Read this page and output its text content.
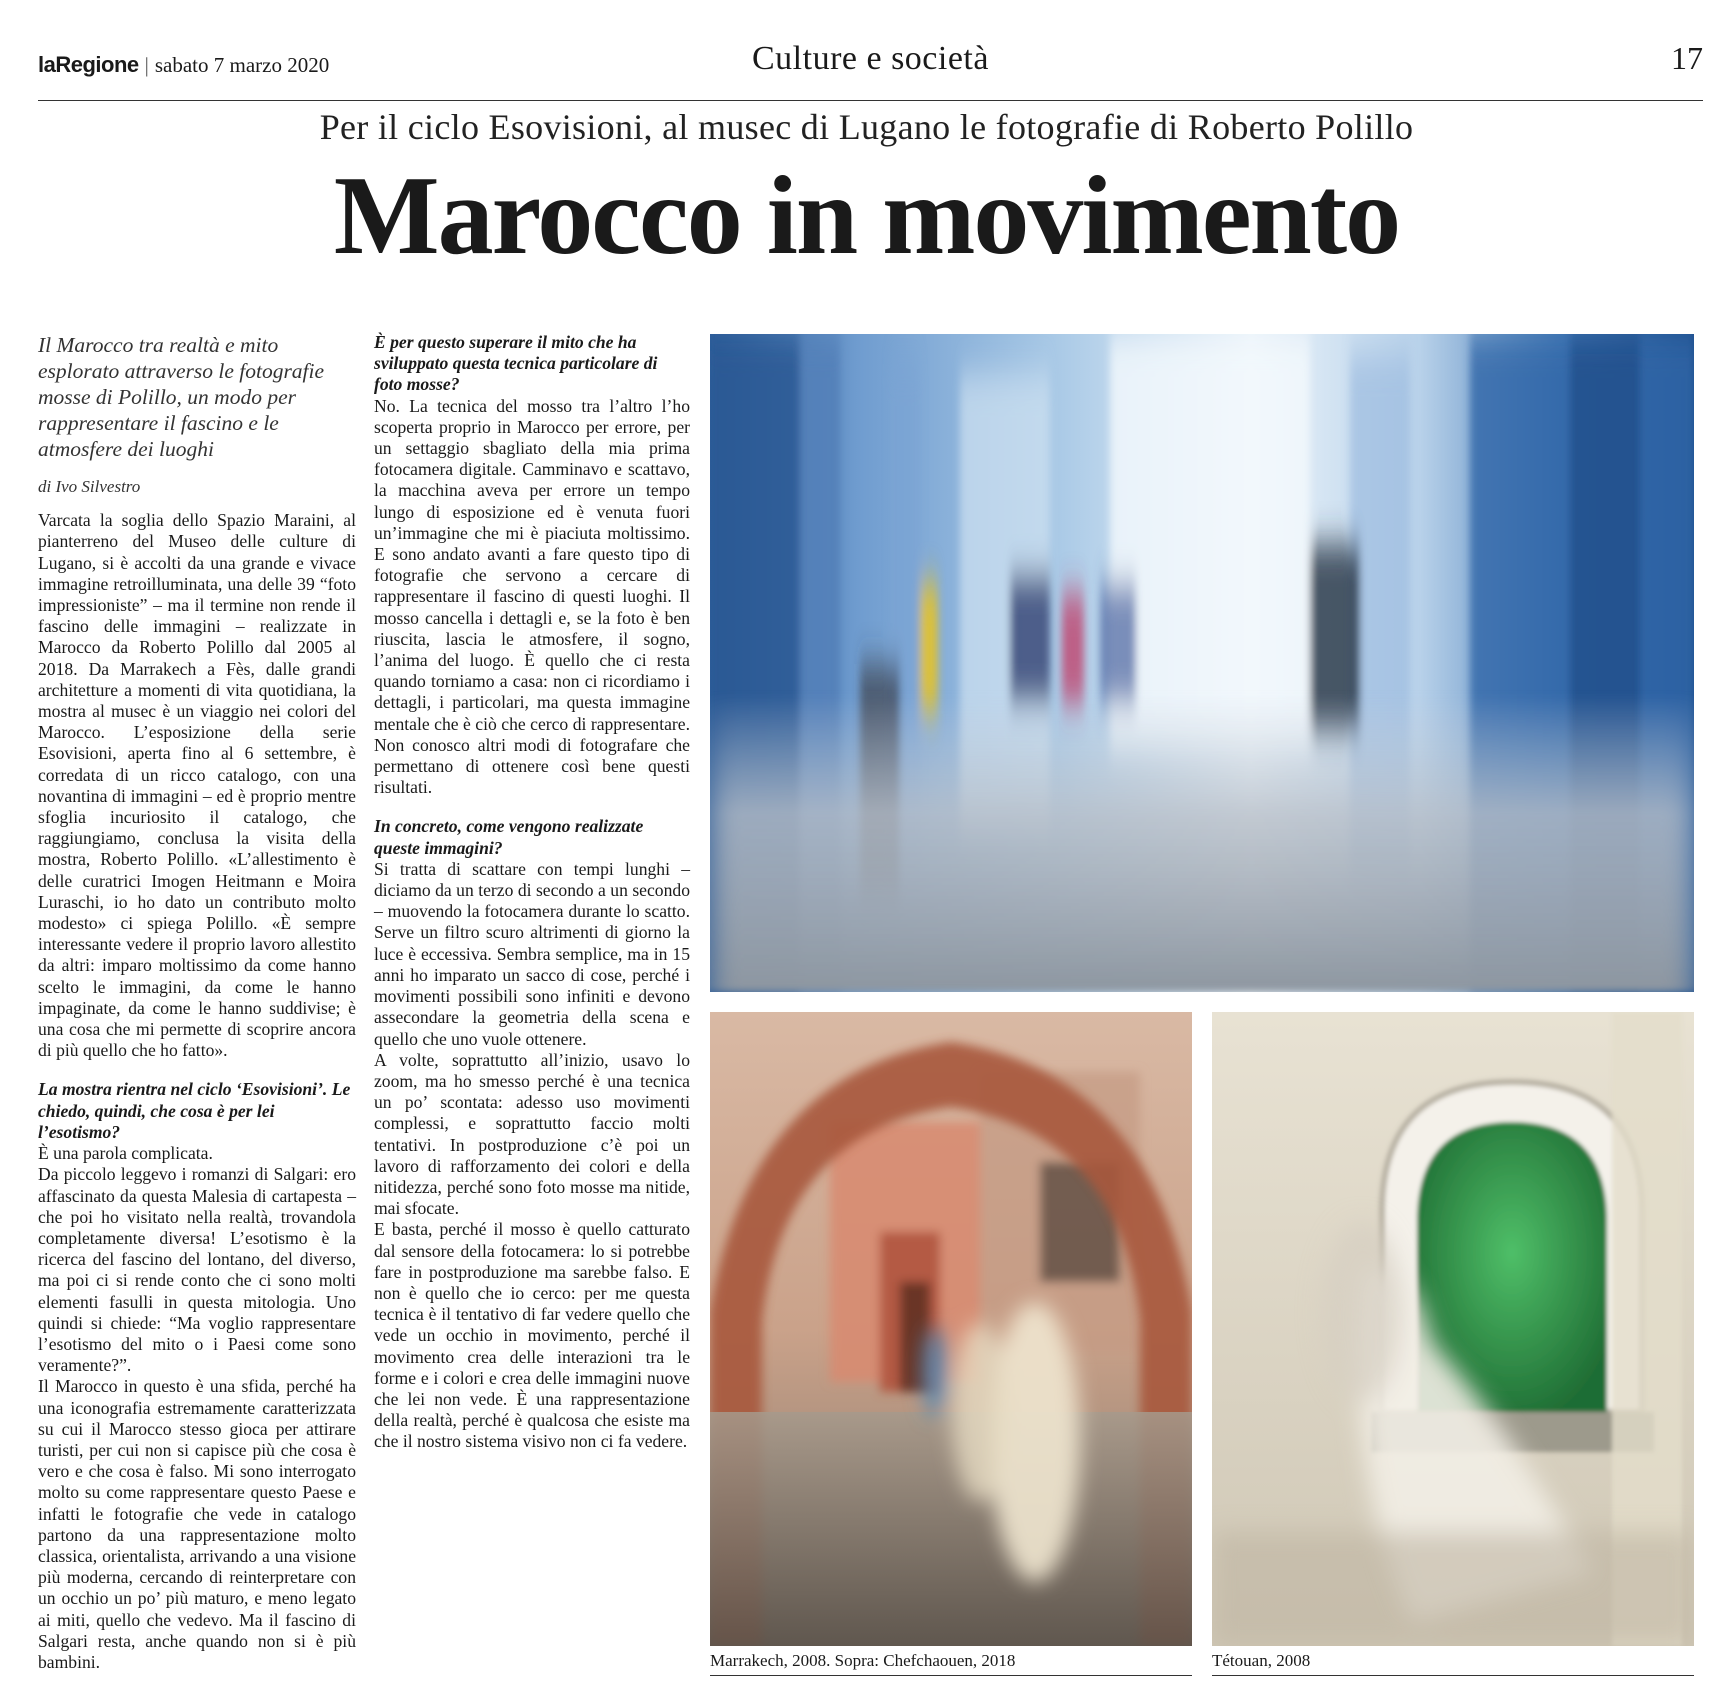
laRegione | sabato 7 marzo 2020	Culture e società	17
Per il ciclo Esovisioni, al musec di Lugano le fotografie di Roberto Polillo
Marocco in movimento

Il Marocco tra realtà e mito esplorato attraverso le fotografie mosse di Polillo, un modo per rappresentare il fascino e le atmosfere dei luoghi

di Ivo Silvestro

Varcata la soglia dello Spazio Maraini, al pianterreno del Museo delle culture di Lugano, si è accolti da una grande e vivace immagine retroilluminata, una delle 39 “foto impressioniste” – ma il termine non rende il fascino delle immagini – realizzate in Marocco da Roberto Polillo dal 2005 al 2018. Da Marrakech a Fès, dalle grandi architetture a momenti di vita quotidiana, la mostra al musec è un viaggio nei colori del Marocco. L’esposizione della serie Esovisioni, aperta fino al 6 settembre, è corredata di un ricco catalogo, con una novantina di immagini – ed è proprio mentre sfoglia incuriosito il catalogo, che raggiungiamo, conclusa la visita della mostra, Roberto Polillo. «L’allestimento è delle curatrici Imogen Heitmann e Moira Luraschi, io ho dato un contributo molto modesto» ci spiega Polillo. «È sempre interessante vedere il proprio lavoro allestito da altri: imparo moltissimo da come hanno scelto le immagini, da come le hanno impaginate, da come le hanno suddivise; è una cosa che mi permette di scoprire ancora di più quello che ho fatto».

La mostra rientra nel ciclo ‘Esovisioni’. Le chiedo, quindi, che cosa è per lei l’esotismo?

È una parola complicata.

Da piccolo leggevo i romanzi di Salgari: ero affascinato da questa Malesia di cartapesta – che poi ho visitato nella realtà, trovandola completamente diversa! L’esotismo è la ricerca del fascino del lontano, del diverso, ma poi ci si rende conto che ci sono molti elementi fasulli in questa mitologia. Uno quindi si chiede: “Ma voglio rappresentare l’esotismo del mito o i Paesi come sono veramente?”.

Il Marocco in questo è una sfida, perché ha una iconografia estremamente caratterizzata su cui il Marocco stesso gioca per attirare turisti, per cui non si capisce più che cosa è vero e che cosa è falso. Mi sono interrogato molto su come rappresentare questo Paese e infatti le fotografie che vede in catalogo partono da una rappresentazione molto classica, orientalista, arrivando a una visione più moderna, cercando di reinterpretare con un occhio un po’ più maturo, e meno legato ai miti, quello che vedevo. Ma il fascino di Salgari resta, anche quando non si è più bambini.

È per questo superare il mito che ha sviluppato questa tecnica particolare di foto mosse?

No. La tecnica del mosso tra l’altro l’ho scoperta proprio in Marocco per errore, per un settaggio sbagliato della mia prima fotocamera digitale. Camminavo e scattavo, la macchina aveva per errore un tempo lungo di esposizione ed è venuta fuori un’immagine che mi è piaciuta moltissimo. E sono andato avanti a fare questo tipo di fotografie che servono a cercare di rappresentare il fascino di questi luoghi. Il mosso cancella i dettagli e, se la foto è ben riuscita, lascia le atmosfere, il sogno, l’anima del luogo. È quello che ci resta quando torniamo a casa: non ci ricordiamo i dettagli, i particolari, ma questa immagine mentale che è ciò che cerco di rappresentare. Non conosco altri modi di fotografare che permettano di ottenere così bene questi risultati.

In concreto, come vengono realizzate queste immagini?

Si tratta di scattare con tempi lunghi – diciamo da un terzo di secondo a un secondo – muovendo la fotocamera durante lo scatto. Serve un filtro scuro altrimenti di giorno la luce è eccessiva. Sembra semplice, ma in 15 anni ho imparato un sacco di cose, perché i movimenti possibili sono infiniti e devono assecondare la geometria della scena e quello che uno vuole ottenere.

A volte, soprattutto all’inizio, usavo lo zoom, ma ho smesso perché è una tecnica un po’ scontata: adesso uso movimenti complessi, e soprattutto faccio molti tentativi. In postproduzione c’è poi un lavoro di rafforzamento dei colori e della nitidezza, perché sono foto mosse ma nitide, mai sfocate.

E basta, perché il mosso è quello catturato dal sensore della fotocamera: lo si potrebbe fare in postproduzione ma sarebbe falso. E non è quello che io cerco: per me questa tecnica è il tentativo di far vedere quello che vede un occhio in movimento, perché il movimento crea delle interazioni tra le forme e i colori e crea delle immagini nuove che lei non vede. È una rappresentazione della realtà, perché è qualcosa che esiste ma che il nostro sistema visivo non ci fa vedere.

Marrakech, 2008. Sopra: Chefchaouen, 2018	Tétouan, 2008
